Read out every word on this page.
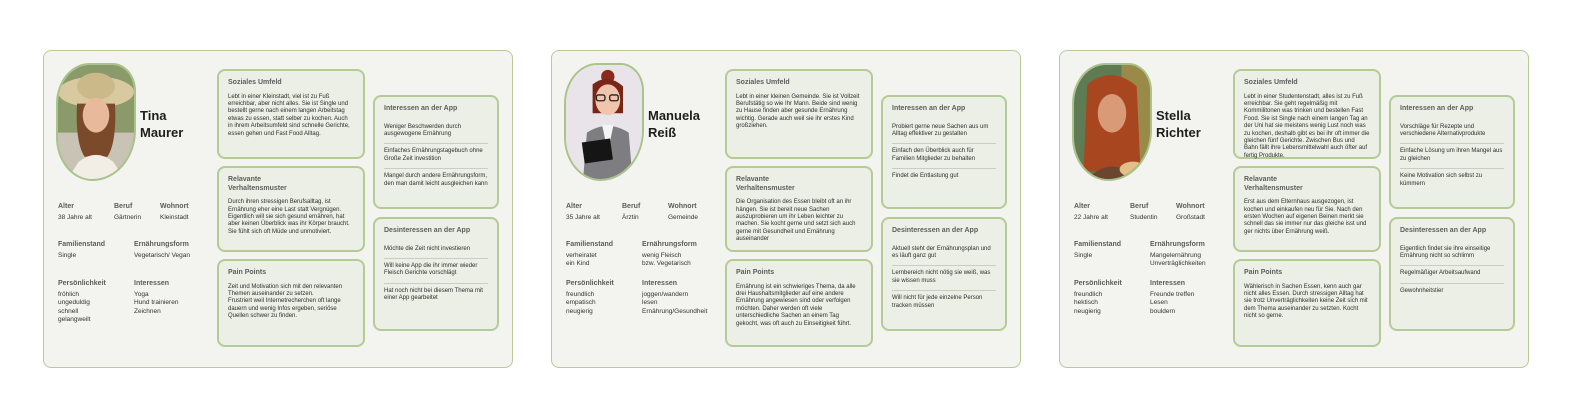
Tina
Maurer
Alter
38 Jahre alt
Beruf
Gärtnerin
Wohnort
Kleinstadt
Familienstand
Single
Ernährungsform
Vegetarisch/ Vegan
Persönlichkeit
fröhlich
ungeduldig
schnell
gelangweilt
Interessen
Yoga
Hund trainieren
Zeichnen
Soziales Umfeld
Lebt in einer Kleinstadt, viel ist zu Fuß erreichbar, aber nicht alles. Sie ist Single und bestellt gerne nach einem langen Arbeitstag etwas zu essen, statt selber zu kochen. Auch in ihrem Arbeitsumfeld sind schnelle Gerichte, essen gehen und Fast Food Alltag.
Relavante
Verhaltensmuster
Durch ihren stressigen Berufsalltag, ist Ernährung eher eine Last statt Vergnügen. Eigentlich will sie sich gesund ernähren, hat aber keinen Überblick was ihr Körper braucht. Sie fühlt sich oft Müde und unmotiviert.
Pain Points
Zeit und Motivation sich mit den relevanten Themen auseinander zu setzen.
Frustriert weil Internetrecherchen oft lange dauern und wenig Infos ergeben, seriöse Quellen schwer zu finden.
Interessen an der App
Weniger Beschwerden durch ausgewogene Ernährung
Einfaches Ernährungstagebuch ohne Große Zeit investition
Mangel durch andere Ernährungsform, den man damit leicht ausgleichen kann
Desinteressen an der App
Möchte die Zeit nicht investieren
Will keine App die ihr immer wieder Fleisch Gerichte vorschlägt
Hat noch nicht bei diesem Thema mit einer App gearbeitet
Manuela
Reiß
Alter
35 Jahre alt
Beruf
Ärztin
Wohnort
Gemeinde
Familienstand
verheiratet
ein Kind
Ernährungsform
wenig Fleisch
bzw. Vegetarisch
Persönlichkeit
freundlich
empatisch
neugierig
Interessen
joggen/wandern
lesen
Ernährung/Gesundheit
Soziales Umfeld
Lebt in einer kleinen Gemeinde. Sie ist Vollzeit Berufstätig so wie Ihr Mann. Beide sind wenig zu Hause finden aber gesunde Ernährung wichtig. Gerade auch weil sie ihr erstes Kind großziehen.
Relavante
Verhaltensmuster
Die Organisation des Essen bleibt oft an ihr hängen. Sie ist bereit neue Sachen auszuprobieren um ihr Leben leichter zu machen. Sie kocht gerne und setzt sich auch gerne mit Gesundheit und Ernährung auseinander
Pain Points
Ernährung ist ein schwieriges Thema, da alle drei Haushaltsmitglieder auf eine andere Ernährung angewiesen sind oder verfolgen möchten. Daher werden oft viele unterschiedliche Sachen an einem Tag gekocht, was oft auch zu Einseitigkeit führt.
Interessen an der App
Probiert gerne neue Sachen aus um Alltag effektiver zu gestalten
Einfach den Überblick auch für Familien Mitglieder zu behalten
Findet die Entlastung gut
Desinteressen an der App
Aktuell steht der Ernährungsplan und es läuft ganz gut
Lernbereich nicht nötig sie weiß, was sie wissen muss
Will nicht für jede einzelne Person tracken müssen
Stella
Richter
Alter
22 Jahre alt
Beruf
Studentin
Wohnort
Großstadt
Familienstand
Single
Ernährungsform
Mangelernährung
Unverträglichkeiten
Persönlichkeit
freundlich
hektisch
neugierig
Interessen
Freunde treffen
Lesen
bouldern
Soziales Umfeld
Lebt in einer Studentenstadt, alles ist zu Fuß erreichbar. Sie geht regelmäßig mit Kommilitonen was trinken und bestellen Fast Food. Sie ist Single nach einem langen Tag an der Uni hat sie meistens wenig Lust noch was zu kochen, deshalb gibt es bei ihr oft immer die gleichen fünf Gerichte. Zwischen Bus und Bahn fällt ihre Lebensmittelwahl auch öfter auf fertig Produkte.
Relavante
Verhaltensmuster
Erst aus dem Elternhaus ausgezogen, ist kochen und einkaufen neu für Sie. Nach den ersten Wochen auf eigenen Beinen merkt sie schnell das sie immer nur das gleiche isst und ger nichts über Ernährung weiß.
Pain Points
Wählerisch in Sachen Essen, kenn auch gar nicht alles Essen. Durch stressigen Alltag hat sie trotz Unverträglichkeiten keine Zeit sich mit dem Thema auseinander zu setzten. Kocht nicht so gerne.
Interessen an der App
Vorschläge für Rezepte und verschiedene Alternativprodukte
Einfache Lösung um ihren Mangel aus zu gleichen
Keine Motivation sich selbst zu kümmern
Desinteressen an der App
Eigentlich findet sie ihre einseitige Ernährung nicht so schlimm
Regelmäßiger Arbeitsaufwand
Gewohnheitstier
